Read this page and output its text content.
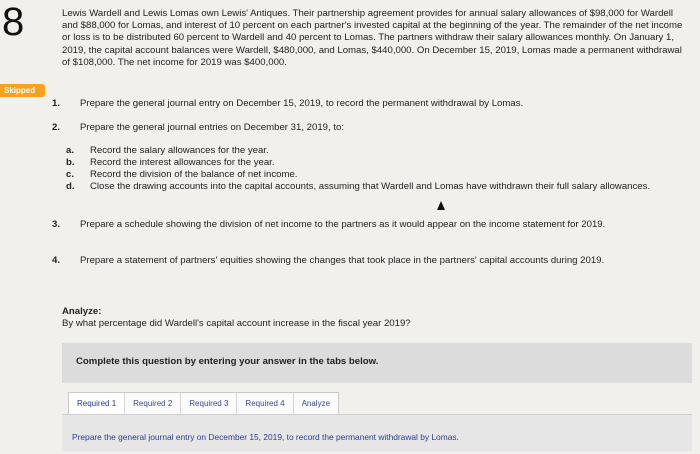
8
Skipped
Lewis Wardell and Lewis Lomas own Lewis' Antiques. Their partnership agreement provides for annual salary allowances of $98,000 for Wardell and $88,000 for Lomas, and interest of 10 percent on each partner's invested capital at the beginning of the year. The remainder of the net income or loss is to be distributed 60 percent to Wardell and 40 percent to Lomas. The partners withdraw their salary allowances monthly. On January 1, 2019, the capital account balances were Wardell, $480,000, and Lomas, $440,000. On December 15, 2019, Lomas made a permanent withdrawal of $108,000. The net income for 2019 was $400,000.
1. Prepare the general journal entry on December 15, 2019, to record the permanent withdrawal by Lomas.
2. Prepare the general journal entries on December 31, 2019, to:
a. Record the salary allowances for the year.
b. Record the interest allowances for the year.
c. Record the division of the balance of net income.
d. Close the drawing accounts into the capital accounts, assuming that Wardell and Lomas have withdrawn their full salary allowances.
3. Prepare a schedule showing the division of net income to the partners as it would appear on the income statement for 2019.
4. Prepare a statement of partners' equities showing the changes that took place in the partners' capital accounts during 2019.
Analyze:
By what percentage did Wardell's capital account increase in the fiscal year 2019?
Complete this question by entering your answer in the tabs below.
Required 1	Required 2	Required 3	Required 4	Analyze
Prepare the general journal entry on December 15, 2019, to record the permanent withdrawal by Lomas.
